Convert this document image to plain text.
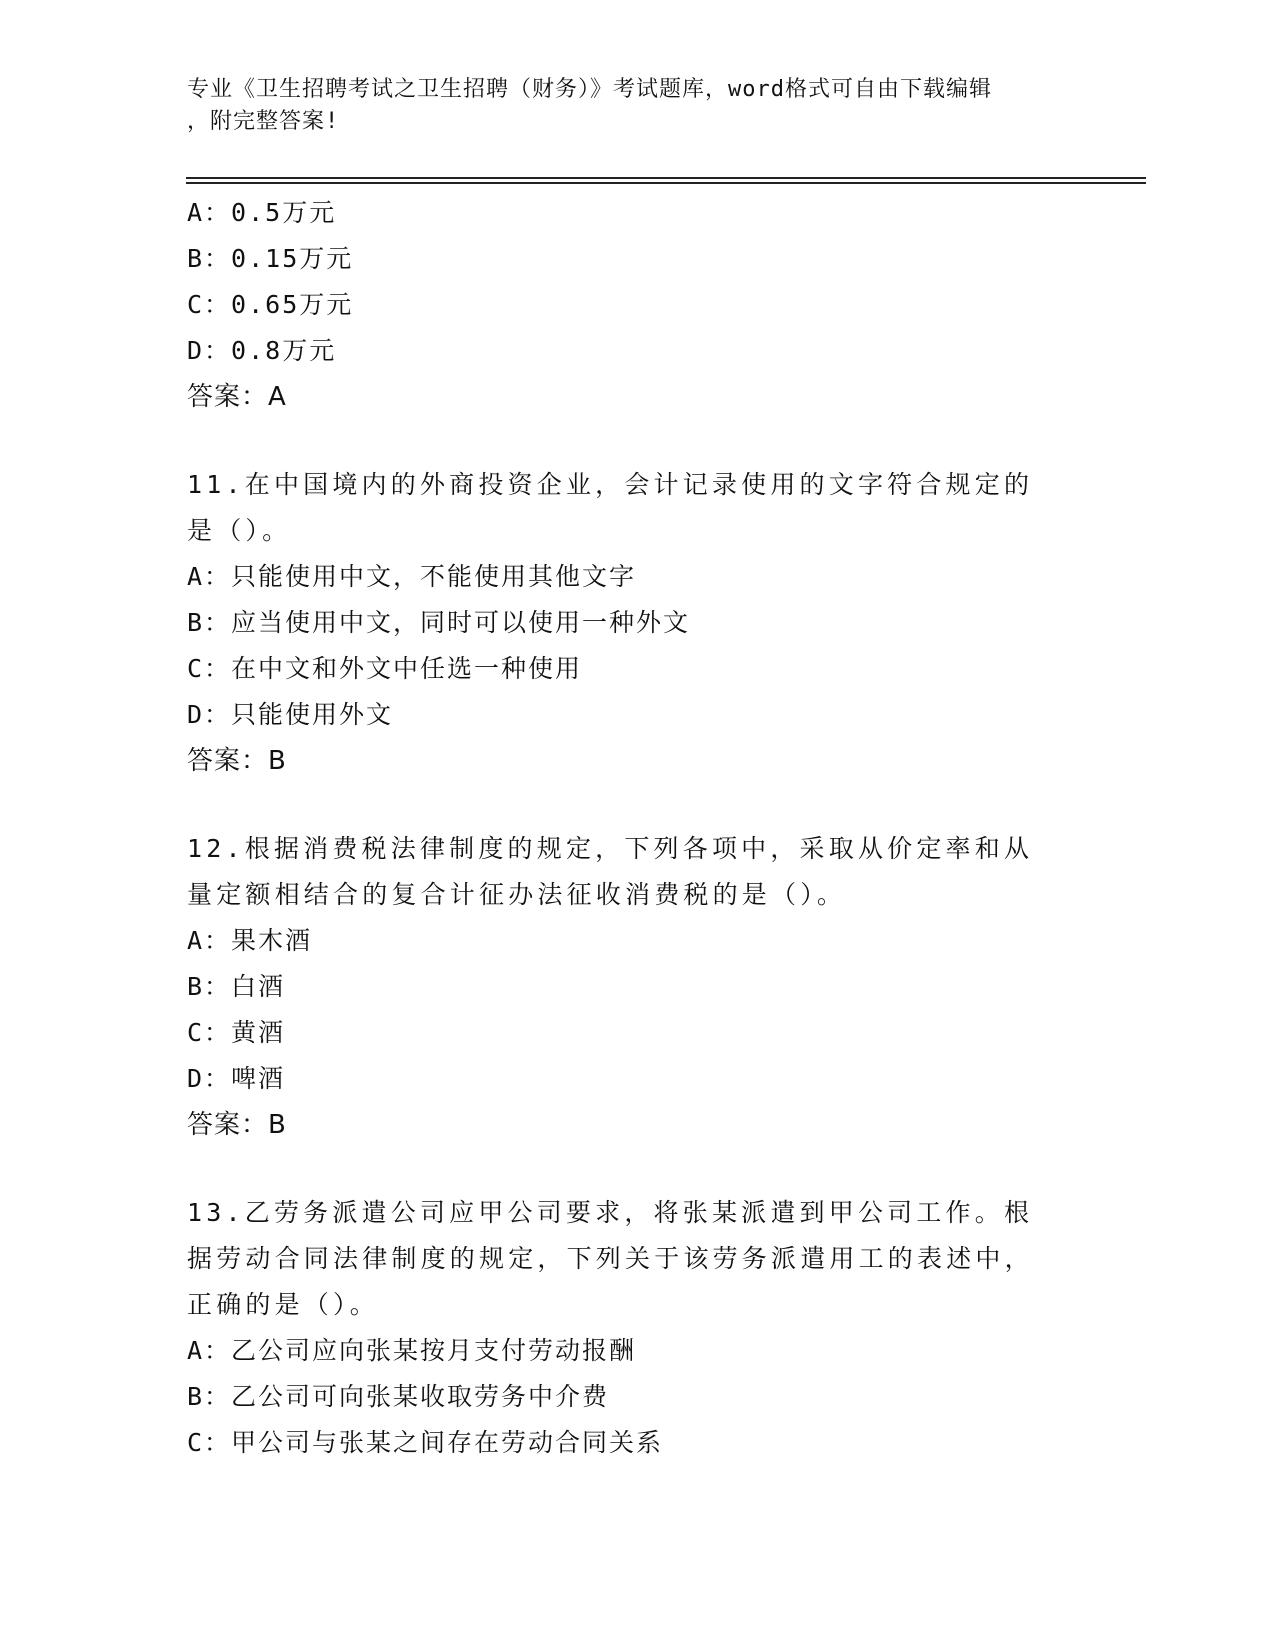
专业《卫生招聘考试之卫生招聘（财务）》考试题库，word格式可自由下载编辑
，附完整答案!
A：0.5万元
B：0.15万元
C：0.65万元
D：0.8万元
答案：A
11.在中国境内的外商投资企业，会计记录使用的文字符合规定的是（）。
A：只能使用中文，不能使用其他文字
B：应当使用中文，同时可以使用一种外文
C：在中文和外文中任选一种使用
D：只能使用外文
答案：B
12.根据消费税法律制度的规定，下列各项中，采取从价定率和从量定额相结合的复合计征办法征收消费税的是（）。
A：果木酒
B：白酒
C：黄酒
D：啤酒
答案：B
13.乙劳务派遣公司应甲公司要求，将张某派遣到甲公司工作。根据劳动合同法律制度的规定，下列关于该劳务派遣用工的表述中，正确的是（）。
A：乙公司应向张某按月支付劳动报酬
B：乙公司可向张某收取劳务中介费
C：甲公司与张某之间存在劳动合同关系
